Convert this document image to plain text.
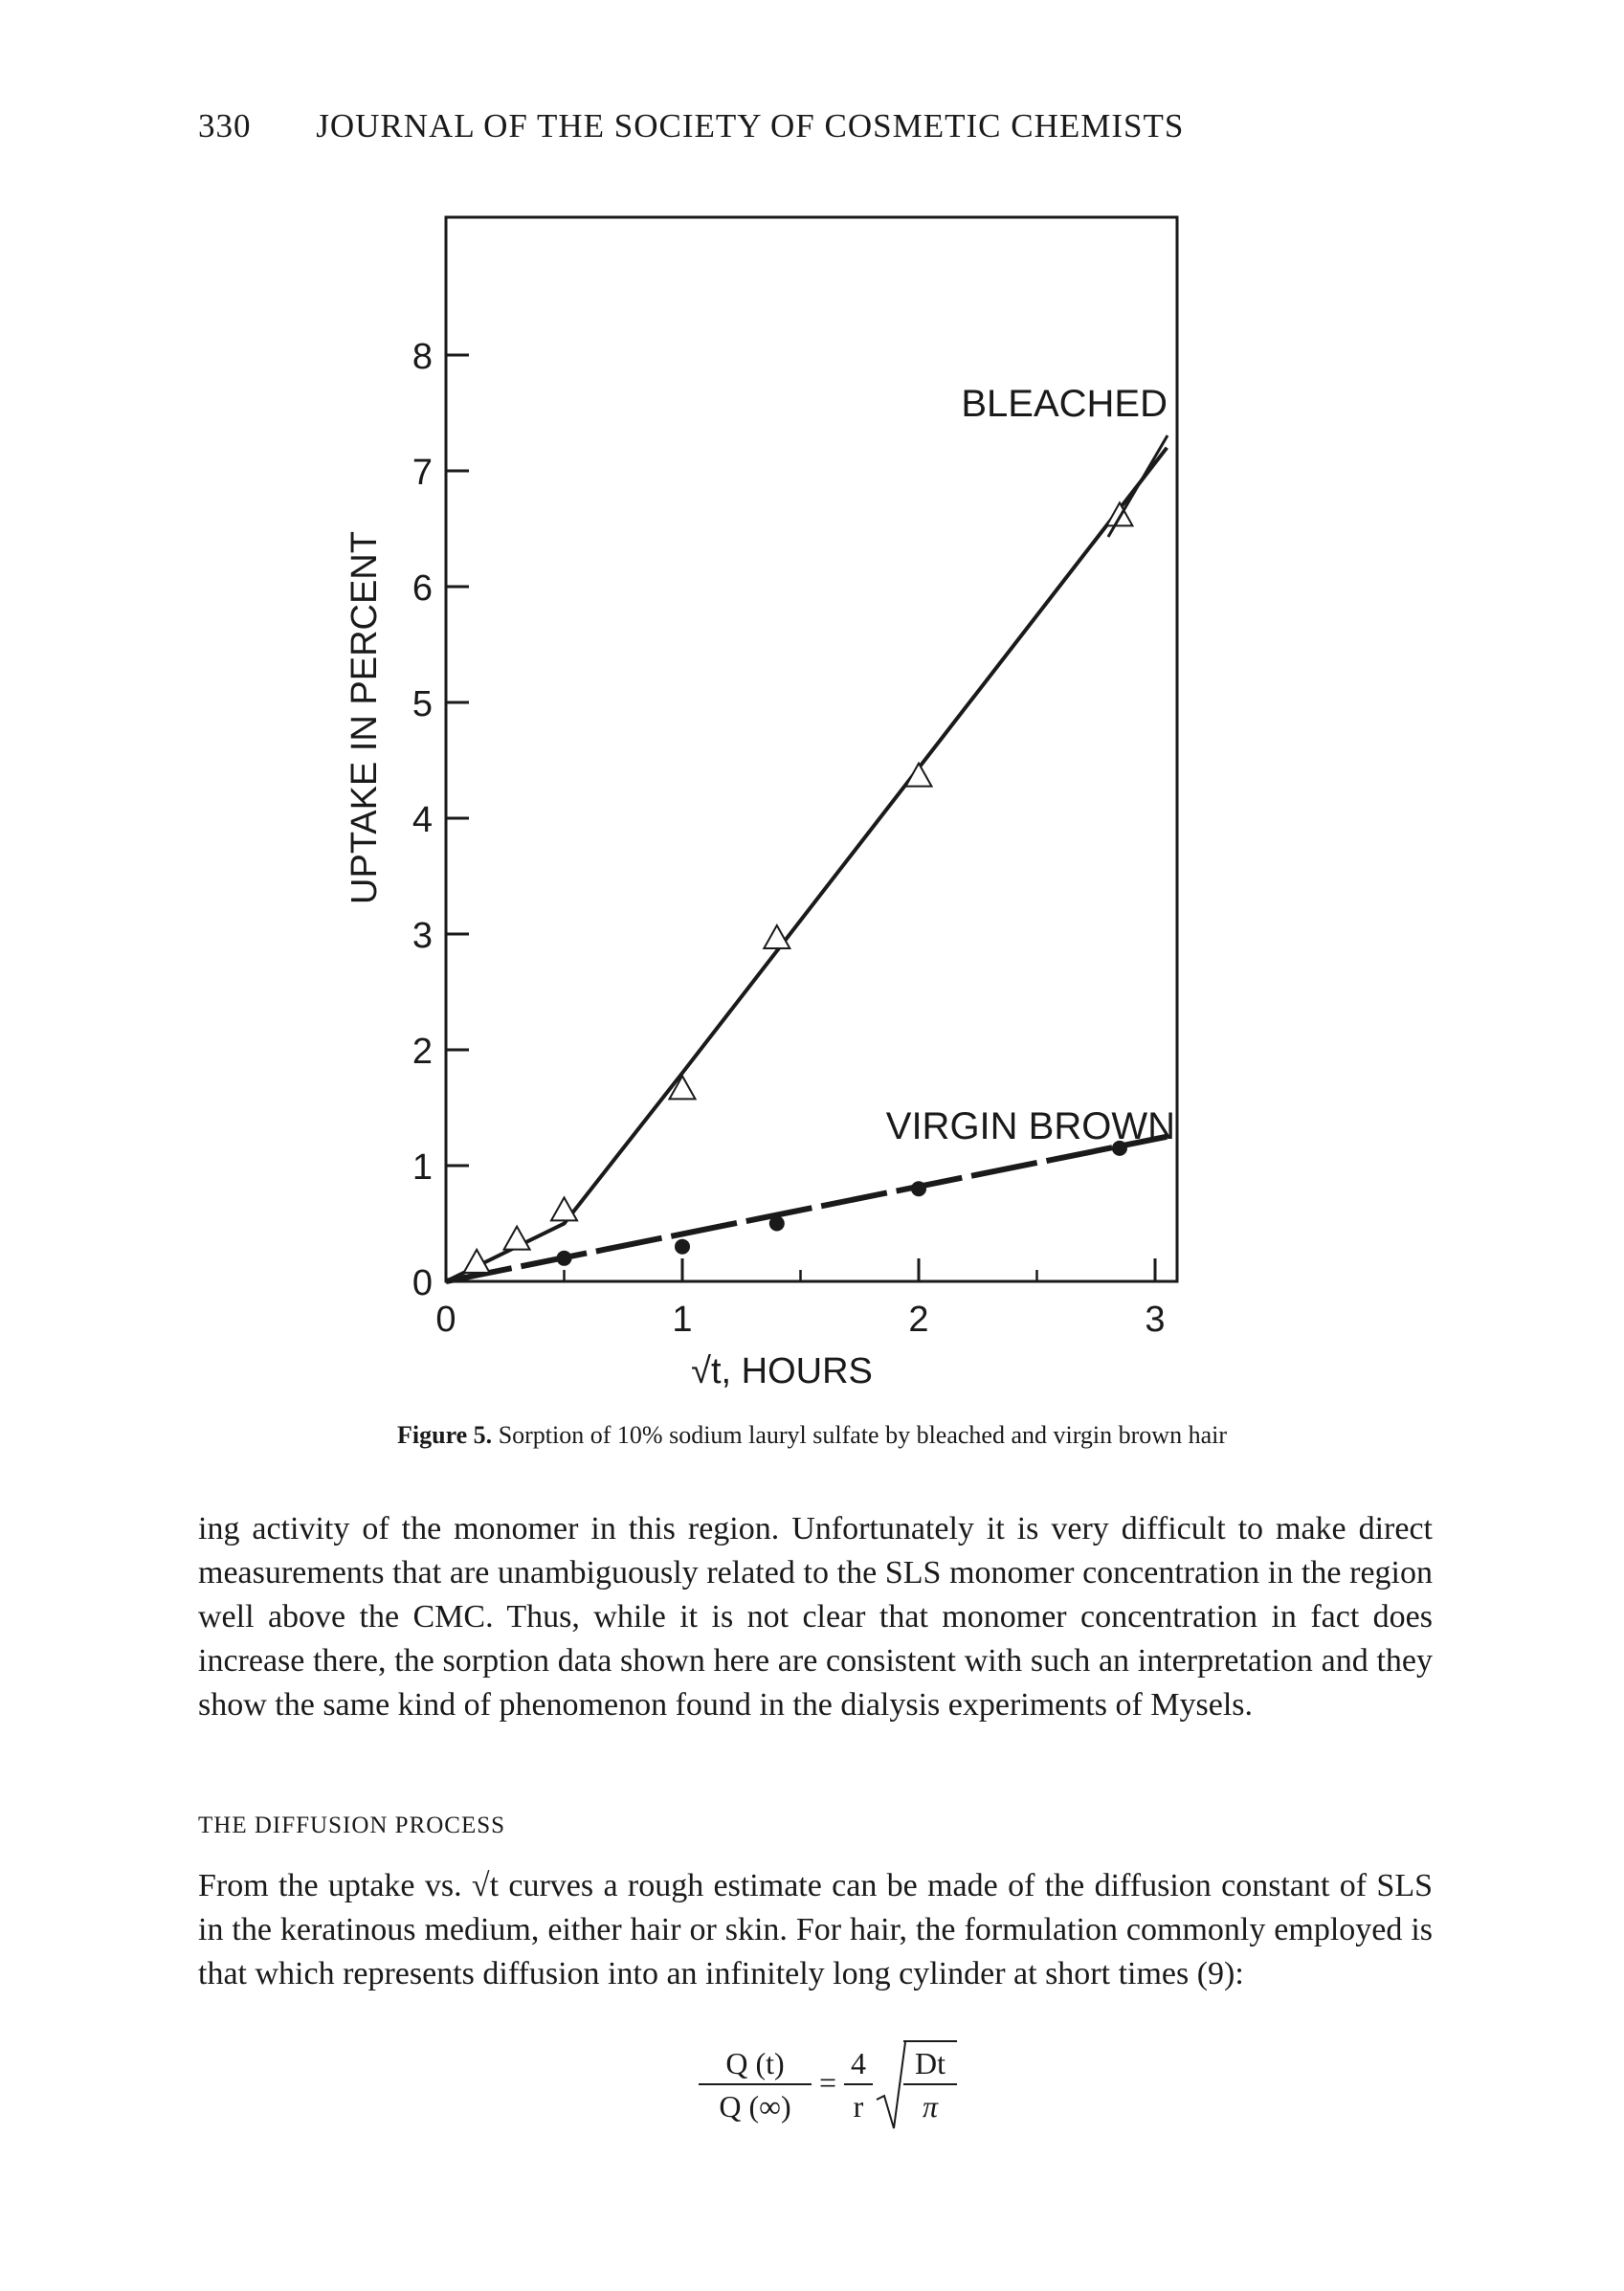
330 JOURNAL OF THE SOCIETY OF COSMETIC CHEMISTS
UPTAKE IN PERCENT
√t, HOURS
0
1
2
3
4
5
6
7
8
0	1	2	3
BLEACHED
VIRGIN BROWN
Figure 5. Sorption of 10% sodium lauryl sulfate by bleached and virgin brown hair

ing activity of the monomer in this region. Unfortunately it is very difficult to make direct measurements that are unambiguously related to the SLS monomer concentration in the region well above the CMC. Thus, while it is not clear that monomer concentration in fact does increase there, the sorption data shown here are consistent with such an interpretation and they show the same kind of phenomenon found in the dialysis experiments of Mysels.

THE DIFFUSION PROCESS

From the uptake vs. √t curves a rough estimate can be made of the diffusion constant of SLS in the keratinous medium, either hair or skin. For hair, the formulation commonly employed is that which represents diffusion into an infinitely long cylinder at short times (9):

$\frac{Q (t)}{Q (\infty)} = \frac{4}{r} \frac{Dt}{\pi}$
